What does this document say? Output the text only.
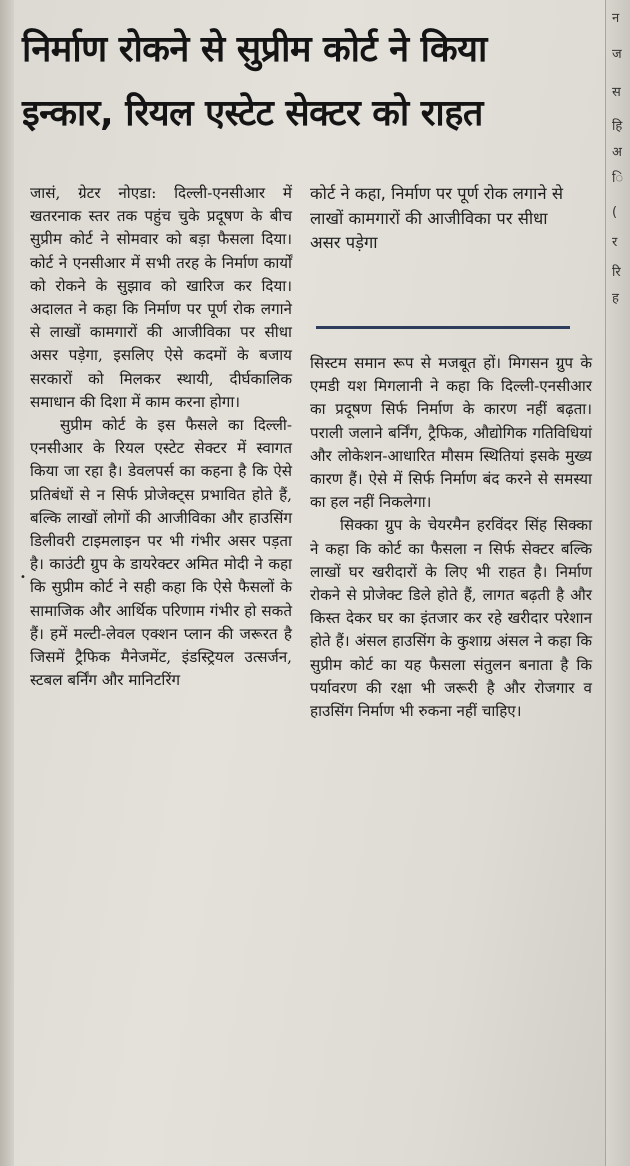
निर्माण रोकने से सुप्रीम कोर्ट ने किया
इन्कार, रियल एस्टेट सेक्टर को राहत

जासं, ग्रेटर नोएडा: दिल्ली-एनसीआर में खतरनाक स्तर तक पहुंच चुके प्रदूषण के बीच सुप्रीम कोर्ट ने सोमवार को बड़ा फैसला दिया। कोर्ट ने एनसीआर में सभी तरह के निर्माण कार्यों को रोकने के सुझाव को खारिज कर दिया। अदालत ने कहा कि निर्माण पर पूर्ण रोक लगाने से लाखों कामगारों की आजीविका पर सीधा असर पड़ेगा, इसलिए ऐसे कदमों के बजाय सरकारों को मिलकर स्थायी, दीर्घकालिक समाधान की दिशा में काम करना होगा।

सुप्रीम कोर्ट के इस फैसले का दिल्ली-एनसीआर के रियल एस्टेट सेक्टर में स्वागत किया जा रहा है। डेवलपर्स का कहना है कि ऐसे प्रतिबंधों से न सिर्फ प्रोजेक्ट्स प्रभावित होते हैं, बल्कि लाखों लोगों की आजीविका और हाउसिंग डिलीवरी टाइमलाइन पर भी गंभीर असर पड़ता है। काउंटी ग्रुप के डायरेक्टर अमित मोदी ने कहा कि सुप्रीम कोर्ट ने सही कहा कि ऐसे फैसलों के सामाजिक और आर्थिक परिणाम गंभीर हो सकते हैं। हमें मल्टी-लेवल एक्शन प्लान की जरूरत है जिसमें ट्रैफिक मैनेजमेंट, इंडस्ट्रियल उत्सर्जन, स्टबल बर्निंग और मानिटरिंग

•

कोर्ट ने कहा, निर्माण पर पूर्ण रोक लगाने से लाखों कामगारों की आजीविका पर सीधा असर पड़ेगा

सिस्टम समान रूप से मजबूत हों। मिगसन ग्रुप के एमडी यश मिगलानी ने कहा कि दिल्ली-एनसीआर का प्रदूषण सिर्फ निर्माण के कारण नहीं बढ़ता। पराली जलाने बर्निंग, ट्रैफिक, औद्योगिक गतिविधियां और लोकेशन-आधारित मौसम स्थितियां इसके मुख्य कारण हैं। ऐसे में सिर्फ निर्माण बंद करने से समस्या का हल नहीं निकलेगा।

सिक्का ग्रुप के चेयरमैन हरविंदर सिंह सिक्का ने कहा कि कोर्ट का फैसला न सिर्फ सेक्टर बल्कि लाखों घर खरीदारों के लिए भी राहत है। निर्माण रोकने से प्रोजेक्ट डिले होते हैं, लागत बढ़ती है और किस्त देकर घर का इंतजार कर रहे खरीदार परेशान होते हैं। अंसल हाउसिंग के कुशाग्र अंसल ने कहा कि सुप्रीम कोर्ट का यह फैसला संतुलन बनाता है कि पर्यावरण की रक्षा भी जरूरी है और रोजगार व हाउसिंग निर्माण भी रुकना नहीं चाहिए।

न
ज
स
हि
अ
ि
(
र
रि
ह
